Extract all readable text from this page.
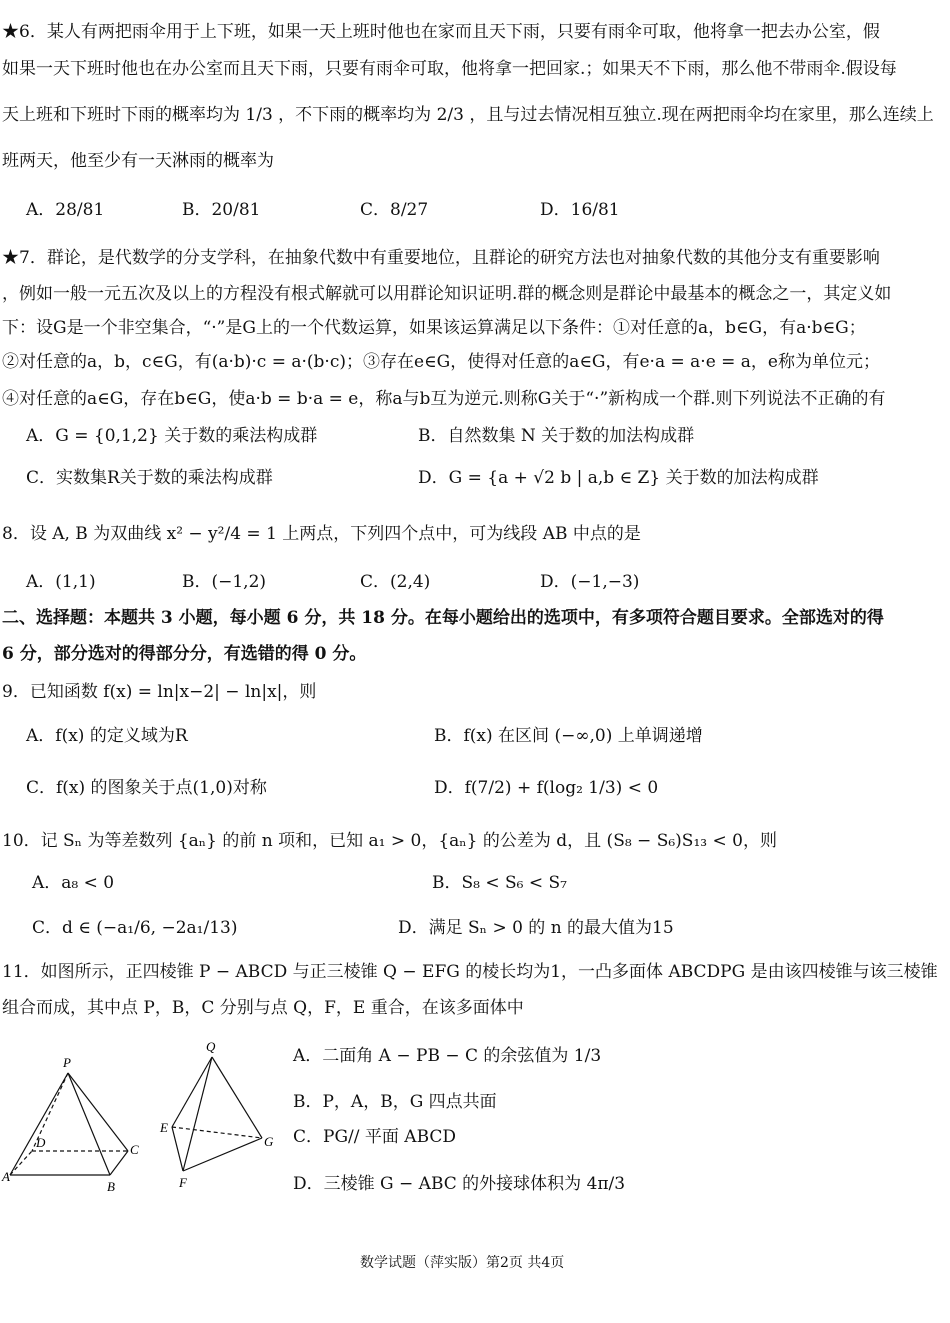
★6．某人有两把雨伞用于上下班，如果一天上班时他也在家而且天下雨，只要有雨伞可取，他将拿一把去办公室，假
如果一天下班时他也在办公室而且天下雨，只要有雨伞可取，他将拿一把回家.；如果天不下雨，那么他不带雨伞.假设每
天上班和下班时下雨的概率均为 1/3 ，不下雨的概率均为 2/3 ，且与过去情况相互独立.现在两把雨伞均在家里，那么连续上
班两天，他至少有一天淋雨的概率为
A．28/81	B．20/81	C．8/27	D．16/81
★7．群论，是代数学的分支学科，在抽象代数中有重要地位，且群论的研究方法也对抽象代数的其他分支有重要影响
，例如一般一元五次及以上的方程没有根式解就可以用群论知识证明.群的概念则是群论中最基本的概念之一，其定义如
下：设G是一个非空集合，“·”是G上的一个代数运算，如果该运算满足以下条件：①对任意的a，b∈G，有a·b∈G；
②对任意的a，b，c∈G，有(a·b)·c = a·(b·c)；③存在e∈G，使得对任意的a∈G，有e·a = a·e = a，e称为单位元；
④对任意的a∈G，存在b∈G，使a·b = b·a = e，称a与b互为逆元.则称G关于“·”新构成一个群.则下列说法不正确的有
A．G = {0,1,2} 关于数的乘法构成群	B．自然数集 N 关于数的加法构成群
C．实数集R关于数的乘法构成群	D．G = {a + √2 b | a,b ∈ Z} 关于数的加法构成群
8．设 A, B 为双曲线 x² − y²/4 = 1 上两点，下列四个点中，可为线段 AB 中点的是
A．(1,1)	B．(−1,2)	C．(2,4)	D．(−1,−3)
二、选择题：本题共 3 小题，每小题 6 分，共 18 分。在每小题给出的选项中，有多项符合题目要求。全部选对的得
6 分，部分选对的得部分分，有选错的得 0 分。
9．已知函数 f(x) = ln|x−2| − ln|x|，则
A．f(x) 的定义域为R	B．f(x) 在区间 (−∞,0) 上单调递增
C．f(x) 的图象关于点(1,0)对称	D．f(7/2) + f(log₂ 1/3) < 0
10．记 Sₙ 为等差数列 {aₙ} 的前 n 项和，已知 a₁ > 0，{aₙ} 的公差为 d，且 (S₈ − S₆)S₁₃ < 0，则
A．a₈ < 0	B．S₈ < S₆ < S₇
C．d ∈ (−a₁/6, −2a₁/13)	D．满足 Sₙ > 0 的 n 的最大值为15
11．如图所示，正四棱锥 P − ABCD 与正三棱锥 Q − EFG 的棱长均为1，一凸多面体 ABCDPG 是由该四棱锥与该三棱锥
组合而成，其中点 P，B，C 分别与点 Q，F，E 重合，在该多面体中
P
D	C
A
B
Q
E
G
F
A．二面角 A − PB − C 的余弦值为 1/3
B．P，A，B，G 四点共面
C．PG// 平面 ABCD
D．三棱锥 G − ABC 的外接球体积为 4π/3
数学试题（萍实版）第2页 共4页
